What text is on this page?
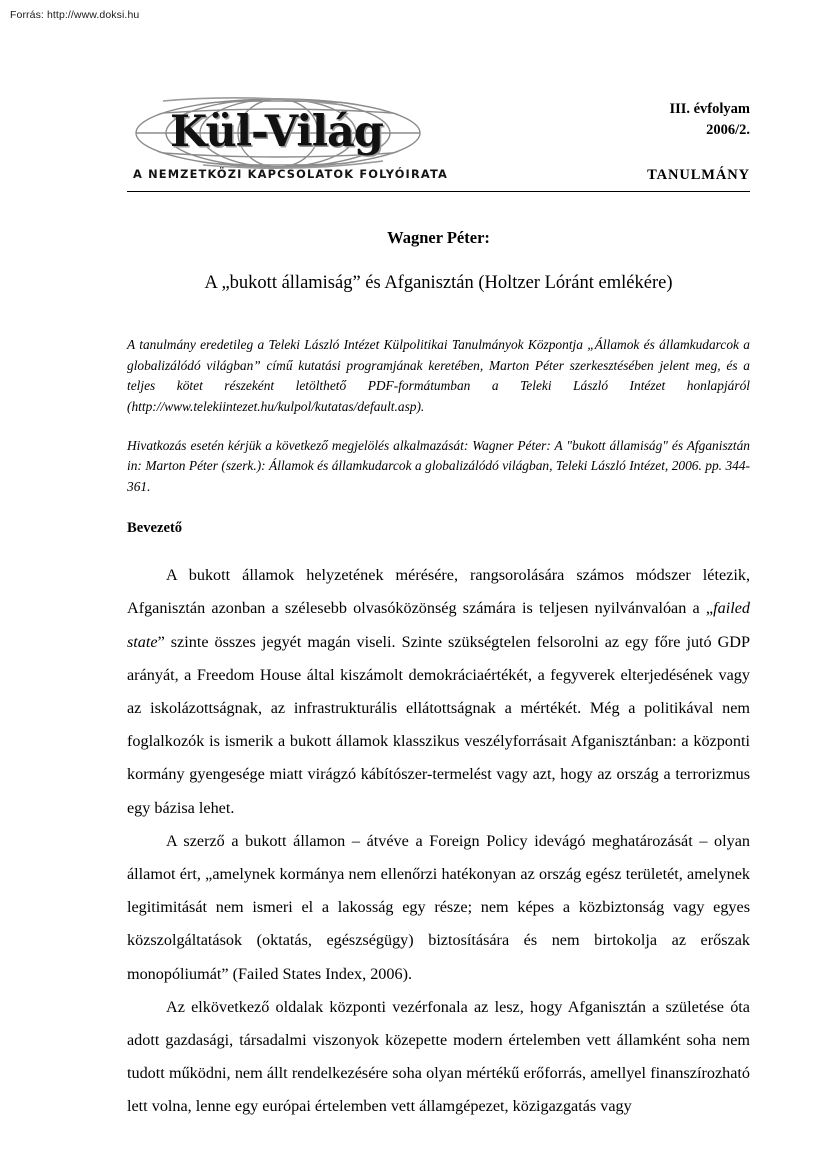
Forrás: http://www.doksi.hu
Kül-Világ
A NEMZETKÖZI KAPCSOLATOK FOLYÓIRATA
III. évfolyam
2006/2.
TANULMÁNY
Wagner Péter:
A „bukott államiság” és Afganisztán (Holtzer Lóránt emlékére)

A tanulmány eredetileg a Teleki László Intézet Külpolitikai Tanulmányok Központja „Államok és államkudarcok a globalizálódó világban” című kutatási programjának keretében, Marton Péter szerkesztésében jelent meg, és a teljes kötet részeként letölthető PDF-formátumban a Teleki László Intézet honlapjáról (http://www.telekiintezet.hu/kulpol/kutatas/default.asp).

Hivatkozás esetén kérjük a következő megjelölés alkalmazását: Wagner Péter: A "bukott államiság" és Afganisztán in: Marton Péter (szerk.): Államok és államkudarcok a globalizálódó világban, Teleki László Intézet, 2006. pp. 344-361.

Bevezető

A bukott államok helyzetének mérésére, rangsorolására számos módszer létezik, Afganisztán azonban a szélesebb olvasóközönség számára is teljesen nyilvánvalóan a „failed state” szinte összes jegyét magán viseli. Szinte szükségtelen felsorolni az egy főre jutó GDP arányát, a Freedom House által kiszámolt demokráciaértékét, a fegyverek elterjedésének vagy az iskolázottságnak, az infrastrukturális ellátottságnak a mértékét. Még a politikával nem foglalkozók is ismerik a bukott államok klasszikus veszélyforrásait Afganisztánban: a központi kormány gyengesége miatt virágzó kábítószer-termelést vagy azt, hogy az ország a terrorizmus egy bázisa lehet.

A szerző a bukott államon – átvéve a Foreign Policy idevágó meghatározását – olyan államot ért, „amelynek kormánya nem ellenőrzi hatékonyan az ország egész területét, amelynek legitimitását nem ismeri el a lakosság egy része; nem képes a közbiztonság vagy egyes közszolgáltatások (oktatás, egészségügy) biztosítására és nem birtokolja az erőszak monopóliumát” (Failed States Index, 2006).

Az elkövetkező oldalak központi vezérfonala az lesz, hogy Afganisztán a születése óta adott gazdasági, társadalmi viszonyok közepette modern értelemben vett államként soha nem tudott működni, nem állt rendelkezésére soha olyan mértékű erőforrás, amellyel finanszírozható lett volna, lenne egy európai értelemben vett államgépezet, közigazgatás vagy
